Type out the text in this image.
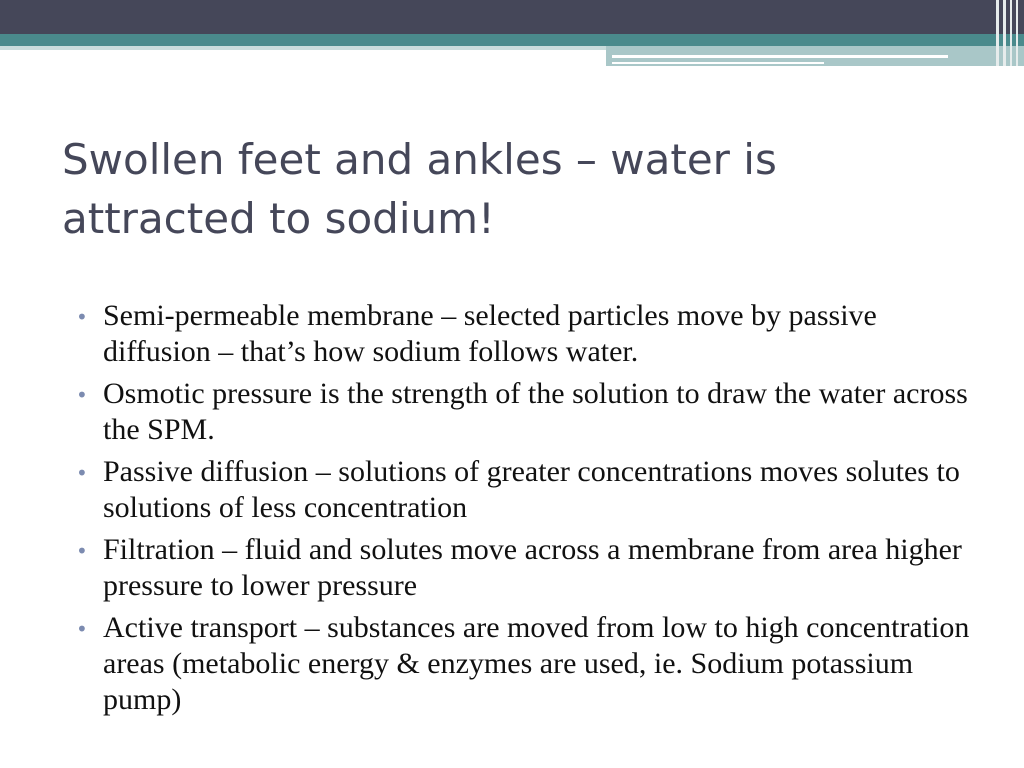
Swollen feet and ankles – water is attracted to sodium!
• Semi-permeable membrane – selected particles move by passive diffusion – that’s how sodium follows water.
• Osmotic pressure is the strength of the solution to draw the water across the SPM.
• Passive diffusion – solutions of greater concentrations moves solutes to solutions of less concentration
• Filtration – fluid and solutes move across a membrane from area higher pressure to lower pressure
• Active transport – substances are moved from low to high concentration areas (metabolic energy & enzymes are used, ie. Sodium potassium pump)
